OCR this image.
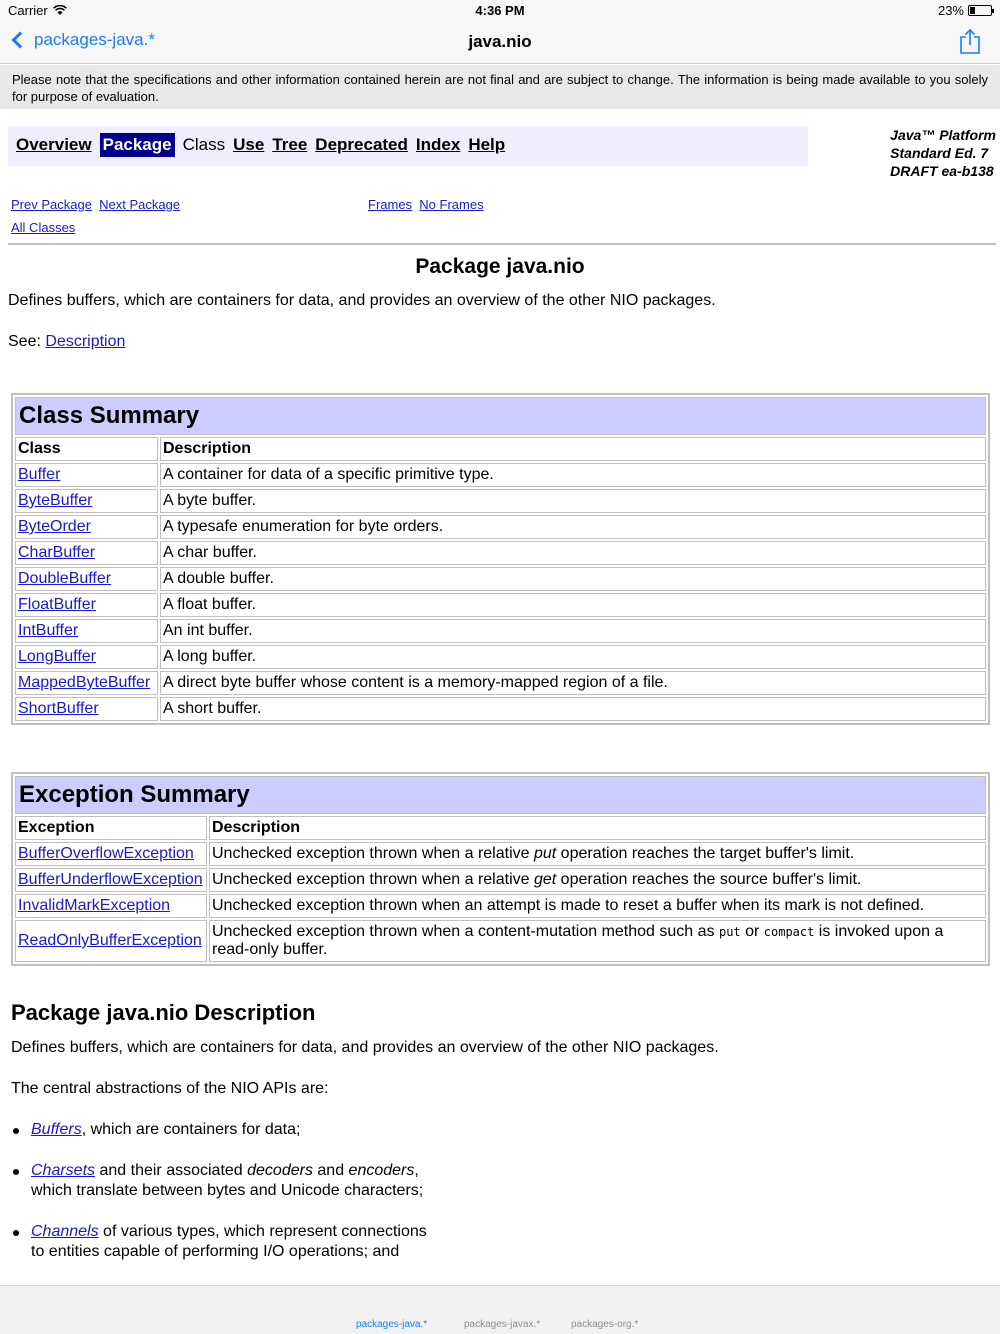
Carrier	4:36 PM	23%
packages-java.*	java.nio
Please note that the specifications and other information contained herein are not final and are subject to change. The information is being made available to you solely for purpose of evaluation.
Overview Package Class Use Tree Deprecated Index Help	Java™ Platform
Standard Ed. 7
DRAFT ea-b138
Prev Package Next Package	Frames No Frames
All Classes
Package java.nio
Defines buffers, which are containers for data, and provides an overview of the other NIO packages.
See: Description
Class Summary	
Class	Description
Buffer	A container for data of a specific primitive type.
ByteBuffer	A byte buffer.
ByteOrder	A typesafe enumeration for byte orders.
CharBuffer	A char buffer.
DoubleBuffer	A double buffer.
FloatBuffer	A float buffer.
IntBuffer	An int buffer.
LongBuffer	A long buffer.
MappedByteBuffer	A direct byte buffer whose content is a memory-mapped region of a file.
ShortBuffer	A short buffer.
Exception Summary	
Exception	Description
BufferOverflowException	Unchecked exception thrown when a relative put operation reaches the target buffer's limit.
BufferUnderflowException	Unchecked exception thrown when a relative get operation reaches the source buffer's limit.
InvalidMarkException	Unchecked exception thrown when an attempt is made to reset a buffer when its mark is not defined.
ReadOnlyBufferException	Unchecked exception thrown when a content-mutation method such as put or compact is invoked upon a read-only buffer.
Package java.nio Description
Defines buffers, which are containers for data, and provides an overview of the other NIO packages.
The central abstractions of the NIO APIs are:
Buffers, which are containers for data;
Charsets and their associated decoders and encoders,
which translate between bytes and Unicode characters;
Channels of various types, which represent connections
to entities capable of performing I/O operations; and
packages-java.*	packages-javax.*	packages-org.*
